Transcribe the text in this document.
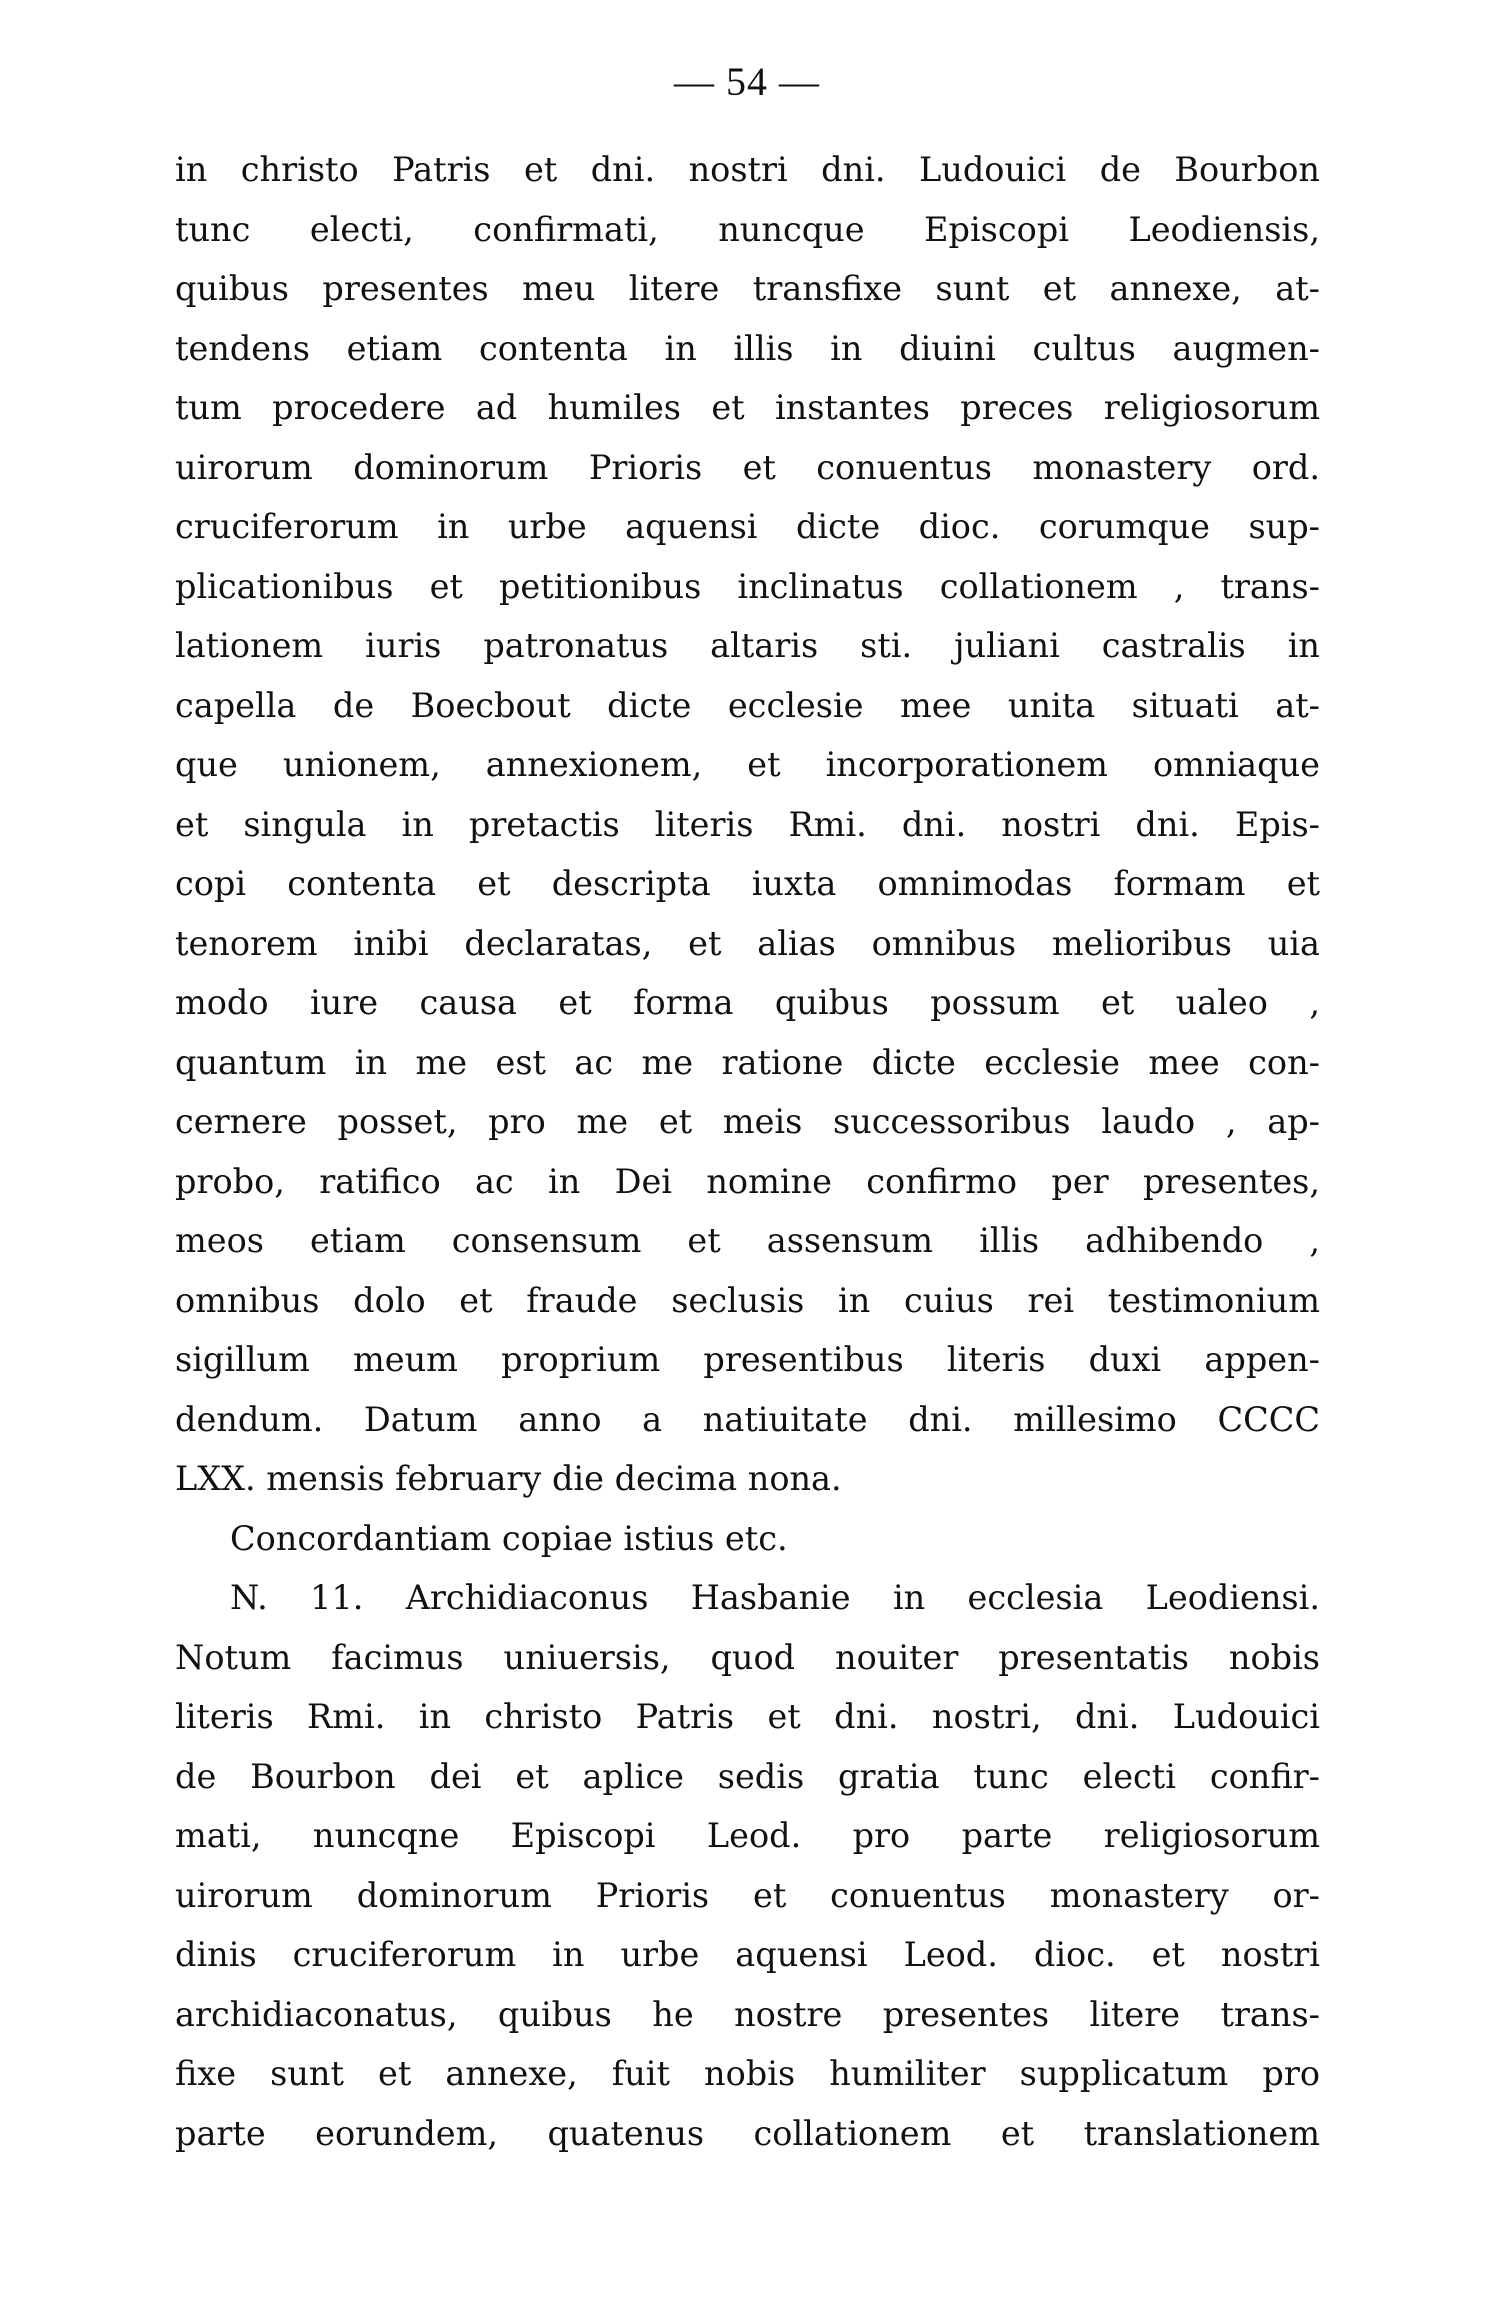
— 54 —
in christo Patris et dni. nostri dni. Ludouici de Bourbon
tunc electi, confirmati, nuncque Episcopi Leodiensis,
quibus presentes meu litere transfixe sunt et annexe, at-
tendens etiam contenta in illis in diuini cultus augmen-
tum procedere ad humiles et instantes preces religiosorum
uirorum dominorum Prioris et conuentus monastery ord.
cruciferorum in urbe aquensi dicte dioc. corumque sup-
plicationibus et petitionibus inclinatus collationem , trans-
lationem iuris patronatus altaris sti. juliani castralis in
capella de Boecbout dicte ecclesie mee unita situati at-
que unionem, annexionem, et incorporationem omniaque
et singula in pretactis literis Rmi. dni. nostri dni. Epis-
copi contenta et descripta iuxta omnimodas formam et
tenorem inibi declaratas, et alias omnibus melioribus uia
modo iure causa et forma quibus possum et ualeo ,
quantum in me est ac me ratione dicte ecclesie mee con-
cernere posset, pro me et meis successoribus laudo , ap-
probo, ratifico ac in Dei nomine confirmo per presentes,
meos etiam consensum et assensum illis adhibendo ,
omnibus dolo et fraude seclusis in cuius rei testimonium
sigillum meum proprium presentibus literis duxi appen-
dendum. Datum anno a natiuitate dni. millesimo CCCC
LXX. mensis february die decima nona.
Concordantiam copiae istius etc.
N. 11. Archidiaconus Hasbanie in ecclesia Leodiensi.
Notum facimus uniuersis, quod nouiter presentatis nobis
literis Rmi. in christo Patris et dni. nostri, dni. Ludouici
de Bourbon dei et aplice sedis gratia tunc electi confir-
mati, nuncqne Episcopi Leod. pro parte religiosorum
uirorum dominorum Prioris et conuentus monastery or-
dinis cruciferorum in urbe aquensi Leod. dioc. et nostri
archidiaconatus, quibus he nostre presentes litere trans-
fixe sunt et annexe, fuit nobis humiliter supplicatum pro
parte eorundem, quatenus collationem et translationem
